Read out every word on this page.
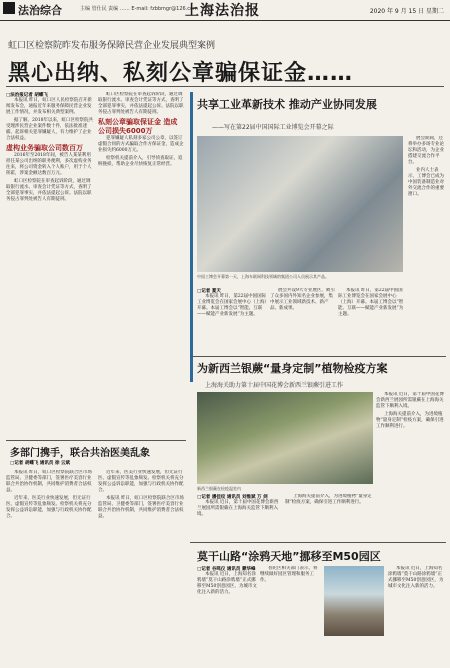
法治综合	主编 管仕民 责编 …… E-mail: fzbbmgr@126.com
上海法治报	2020 年 9 月 15 日 星期二
虹口区检察院昨发布服务保障民营企业发展典型案例
黑心出纳、私刻公章骗保证金……
□法治报记者 胡蝶飞

本报讯 昨日，虹口区人民检察院召开新闻发布会，通报近年来服务保障民营企业发展工作情况，并发布相关典型案例。

据了解，2018年以来，虹口区检察院共受理涉民营企业案件数十件，依法批准逮捕、起诉相关犯罪嫌疑人，有力维护了企业合法权益。

虚构业务骗取公司数百万

2016年至2018年间，被告人某某利用担任某公司出纳的职务便利，多次虚构业务往来，将公司资金转入个人账户，用于个人挥霍，涉案金额达数百万元。

虹口区检察院在审查起诉阶段，通过调取银行流水、审查会计凭证等方式，查明了全部犯罪事实，并依法提起公诉。法院以职务侵占罪判处被告人有期徒刑。

虹口区检察院在审查起诉阶段，通过调取银行流水、审查会计凭证等方式，查明了全部犯罪事实，并依法提起公诉。法院以职务侵占罪判处被告人有期徒刑。

私刻公章骗取保证金 造成公司损失6000万

犯罪嫌疑人私刻多家公司公章，以签订虚假合同的方式骗取合作方保证金，造成企业损失约6000万元。

检察机关提前介入，引导侦查取证，追赃挽损，帮助企业尽快恢复正常经营。

共享工业革新技术 推动产业协同发展
——写在第22届中国国际工业博览会开幕之际
中国工博会开幕第一天，上海车联网科技领域的集团公司人员展示其产品。
□记者 夏天

本报讯 昨日，第22届中国国际工业博览会在国家会展中心（上海）开幕。本届工博会以“智能、互联——赋能产业新发展”为主题。

展会共设9大专业展区，吸引了众多国内外知名企业参展，集中展示工业领域新技术、新产品、新成果。

本报讯 昨日，第22届中国国际工业博览会在国家会展中心（上海）开幕。本届工博会以“智能、互联——赋能产业新发展”为主题。

展会期间，还将举办多场专业论坛和活动，为企业搭建交流合作平台。

业内人士表示，工博会已成为中国装备制造业对外交流合作的重要窗口。

为新西兰银蕨“量身定制”植物检疫方案
上海海关助力第十届中国花博会新西兰银蕨引进工作
新西兰银蕨在检疫温室内

本报讯 近日，第十届中国花博会新西兰展园所需银蕨在上海海关监管下顺利入境。

上海海关提前介入，为进境植物“量身定制”检疫方案，确保引进工作顺利进行。

□记者 潘佳纹 通讯员 刘惟斌 万 剑

本报讯 近日，第十届中国花博会新西兰展园所需银蕨在上海海关监管下顺利入境。

上海海关提前介入，为进境植物“量身定制”检疫方案，确保引进工作顺利进行。

多部门携手，联合共治医美乱象
□记者 胡蝶飞 通讯员 徐 云斌

本报讯 昨日，虹口区检察院联合区市场监管局、卫健委等部门，签署医疗美容行业联合共治协作机制，共同维护消费者合法权益。

近年来，医美行业快速发展，但无证行医、虚假宣传等乱象频发。检察机关将充分发挥公益诉讼职能，加强与行政机关协作配合。

近年来，医美行业快速发展，但无证行医、虚假宣传等乱象频发。检察机关将充分发挥公益诉讼职能，加强与行政机关协作配合。

本报讯 昨日，虹口区检察院联合区市场监管局、卫健委等部门，签署医疗美容行业联合共治协作机制，共同维护消费者合法权益。

莫干山路“涂鸦天地”挪移至M50园区
□记者 谷鸣仪 通讯员 蒙华峰

本报讯 近日，上海知名涂鸦墙“莫干山路涂鸦墙”正式挪移至M50创意园区，为城市文化注入新的活力。

普陀区相关部门表示，将继续做好园区管理和服务工作。

本报讯 近日，上海知名涂鸦墙“莫干山路涂鸦墙”正式挪移至M50创意园区，为城市文化注入新的活力。
